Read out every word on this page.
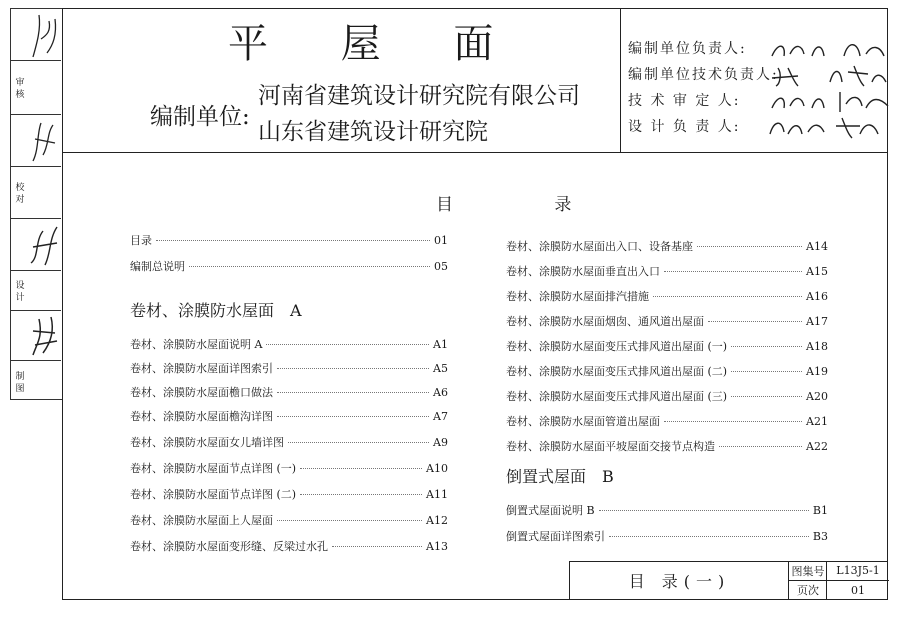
审 核
校 对
设 计
制 图
平 屋 面
编制单位:
河南省建筑设计研究院有限公司
山东省建筑设计研究院
编制单位负责人:
编制单位技术负责人:
技 术 审 定 人:
设 计 负 责 人:
目 录
目录	01
编制总说明	05
卷材、涂膜防水屋面　A
卷材、涂膜防水屋面说明 A	A1
卷材、涂膜防水屋面详图索引	A5
卷材、涂膜防水屋面檐口做法	A6
卷材、涂膜防水屋面檐沟详图	A7
卷材、涂膜防水屋面女儿墙详图	A9
卷材、涂膜防水屋面节点详图 (一)	A10
卷材、涂膜防水屋面节点详图 (二)	A11
卷材、涂膜防水屋面上人屋面	A12
卷材、涂膜防水屋面变形缝、反梁过水孔	A13
卷材、涂膜防水屋面出入口、设备基座	A14
卷材、涂膜防水屋面垂直出入口	A15
卷材、涂膜防水屋面排汽措施	A16
卷材、涂膜防水屋面烟囱、通风道出屋面	A17
卷材、涂膜防水屋面变压式排风道出屋面 (一)	A18
卷材、涂膜防水屋面变压式排风道出屋面 (二)	A19
卷材、涂膜防水屋面变压式排风道出屋面 (三)	A20
卷材、涂膜防水屋面管道出屋面	A21
卷材、涂膜防水屋面平坡屋面交接节点构造	A22
倒置式屋面　B
倒置式屋面说明 B	B1
倒置式屋面详图索引	B3
目 录(一)
图集号	L13J5-1
页次	01
